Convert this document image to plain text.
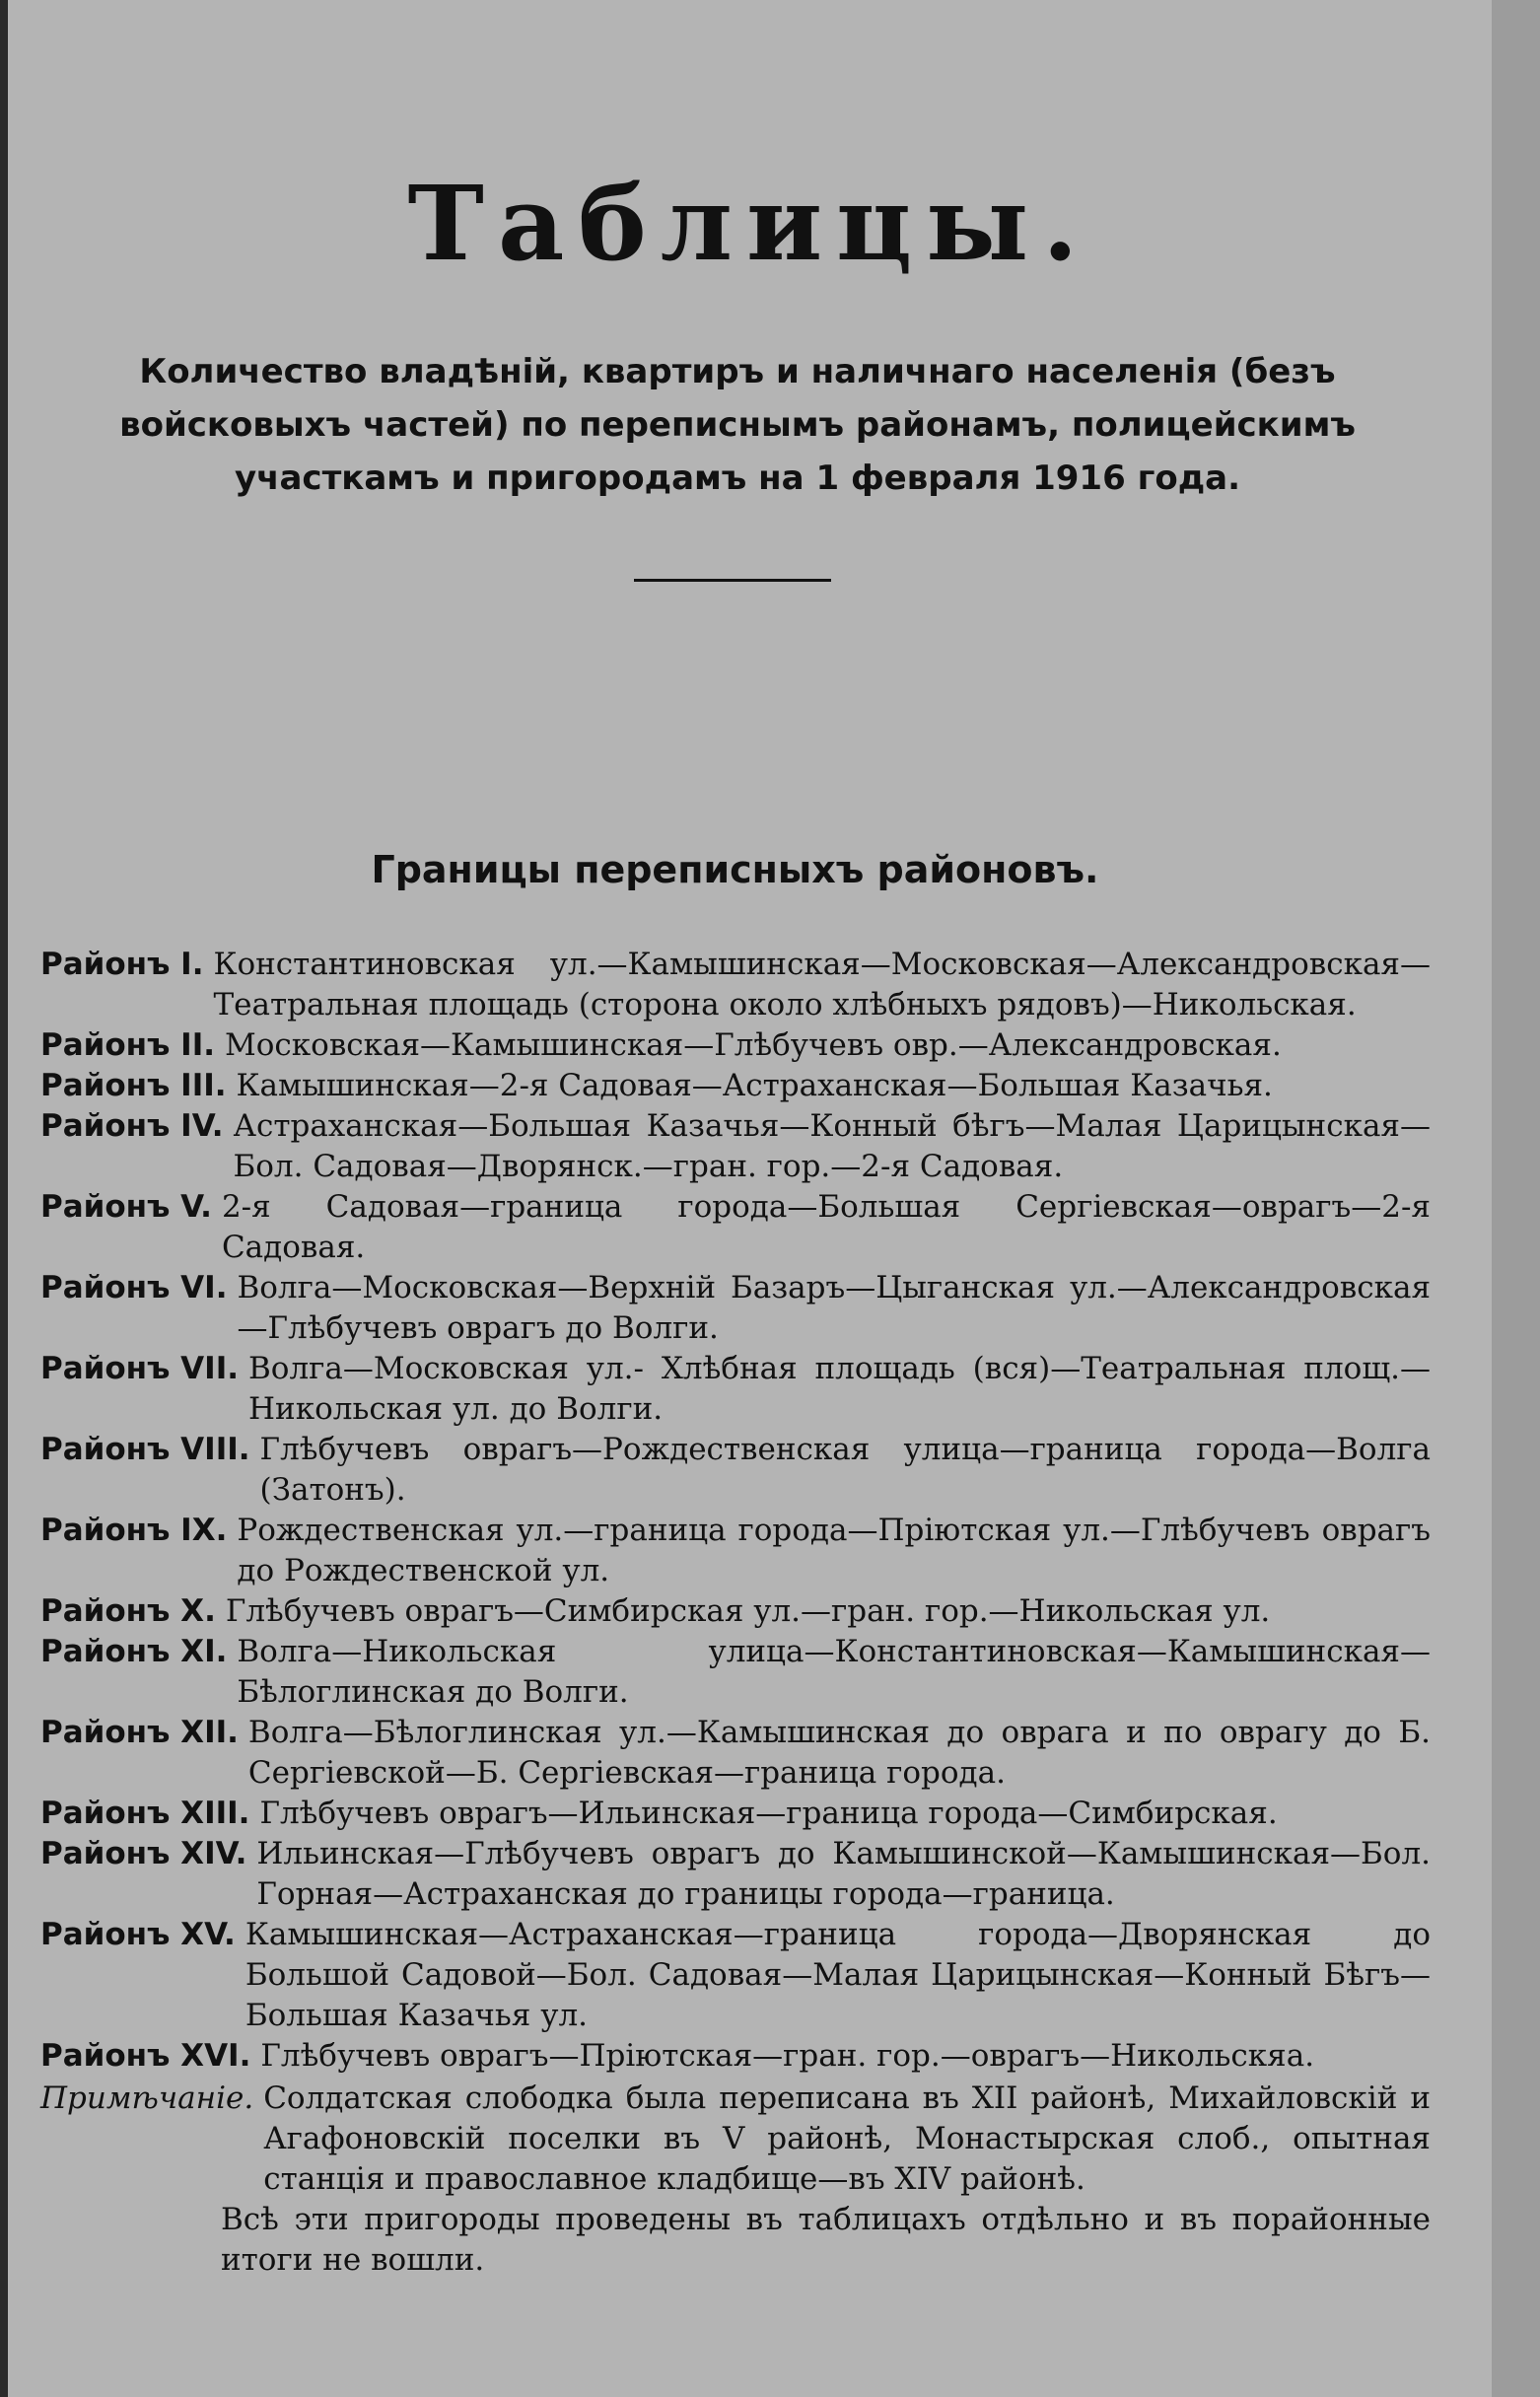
Таблицы.
Количество владѣній, квартиръ и наличнаго населенія (безъ войсковыхъ частей) по переписнымъ районамъ, полицейскимъ участкамъ и пригородамъ на 1 февраля 1916 года.
Границы переписныхъ районовъ.
Районъ I. Константиновская ул.—Камышинская—Московская—Александровская—Театральная площадь (сторона около хлѣбныхъ рядовъ)—Никольская.
Районъ II. Московская—Камышинская—Глѣбучевъ овр.—Александровская.
Районъ III. Камышинская—2-я Садовая—Астраханская—Большая Казачья.
Районъ IV. Астраханская—Большая Казачья—Конный бѣгъ—Малая Царицынская—Бол. Садовая—Дворянск.—гран. гор.—2-я Садовая.
Районъ V. 2-я Садовая—граница города—Большая Сергіевская—оврагъ—2-я Садовая.
Районъ VI. Волга—Московская—Верхній Базаръ—Цыганская ул.—Александровская—Глѣбучевъ оврагъ до Волги.
Районъ VII. Волга—Московская ул.- Хлѣбная площадь (вся)—Театральная площ.—Никольская ул. до Волги.
Районъ VIII. Глѣбучевъ оврагъ—Рождественская улица—граница города—Волга (Затонъ).
Районъ IX. Рождественская ул.—граница города—Пріютская ул.—Глѣбучевъ оврагъ до Рождественской ул.
Районъ X. Глѣбучевъ оврагъ—Симбирская ул.—гран. гор.—Никольская ул.
Районъ XI. Волга—Никольская улица—Константиновская—Камышинская—Бѣлоглинская до Волги.
Районъ XII. Волга—Бѣлоглинская ул.—Камышинская до оврага и по оврагу до Б. Сергіевской—Б. Сергіевская—граница города.
Районъ XIII. Глѣбучевъ оврагъ—Ильинская—граница города—Симбирская.
Районъ XIV. Ильинская—Глѣбучевъ оврагъ до Камышинской—Камышинская—Бол. Горная—Астраханская до границы города—граница.
Районъ XV. Камышинская—Астраханская—граница города—Дворянская до Большой Садовой—Бол. Садовая—Малая Царицынская—Конный Бѣгъ—Большая Казачья ул.
Районъ XVI. Глѣбучевъ оврагъ—Пріютская—гран. гор.—оврагъ—Никольскяа.
Примѣчаніе. Солдатская слободка была переписана въ XII районѣ, Михайловскій и Агафоновскій поселки въ V районѣ, Монастырская слоб., опытная станція и православное кладбище—въ XIV районѣ.
Всѣ эти пригороды проведены въ таблицахъ отдѣльно и въ порайонные итоги не вошли.
